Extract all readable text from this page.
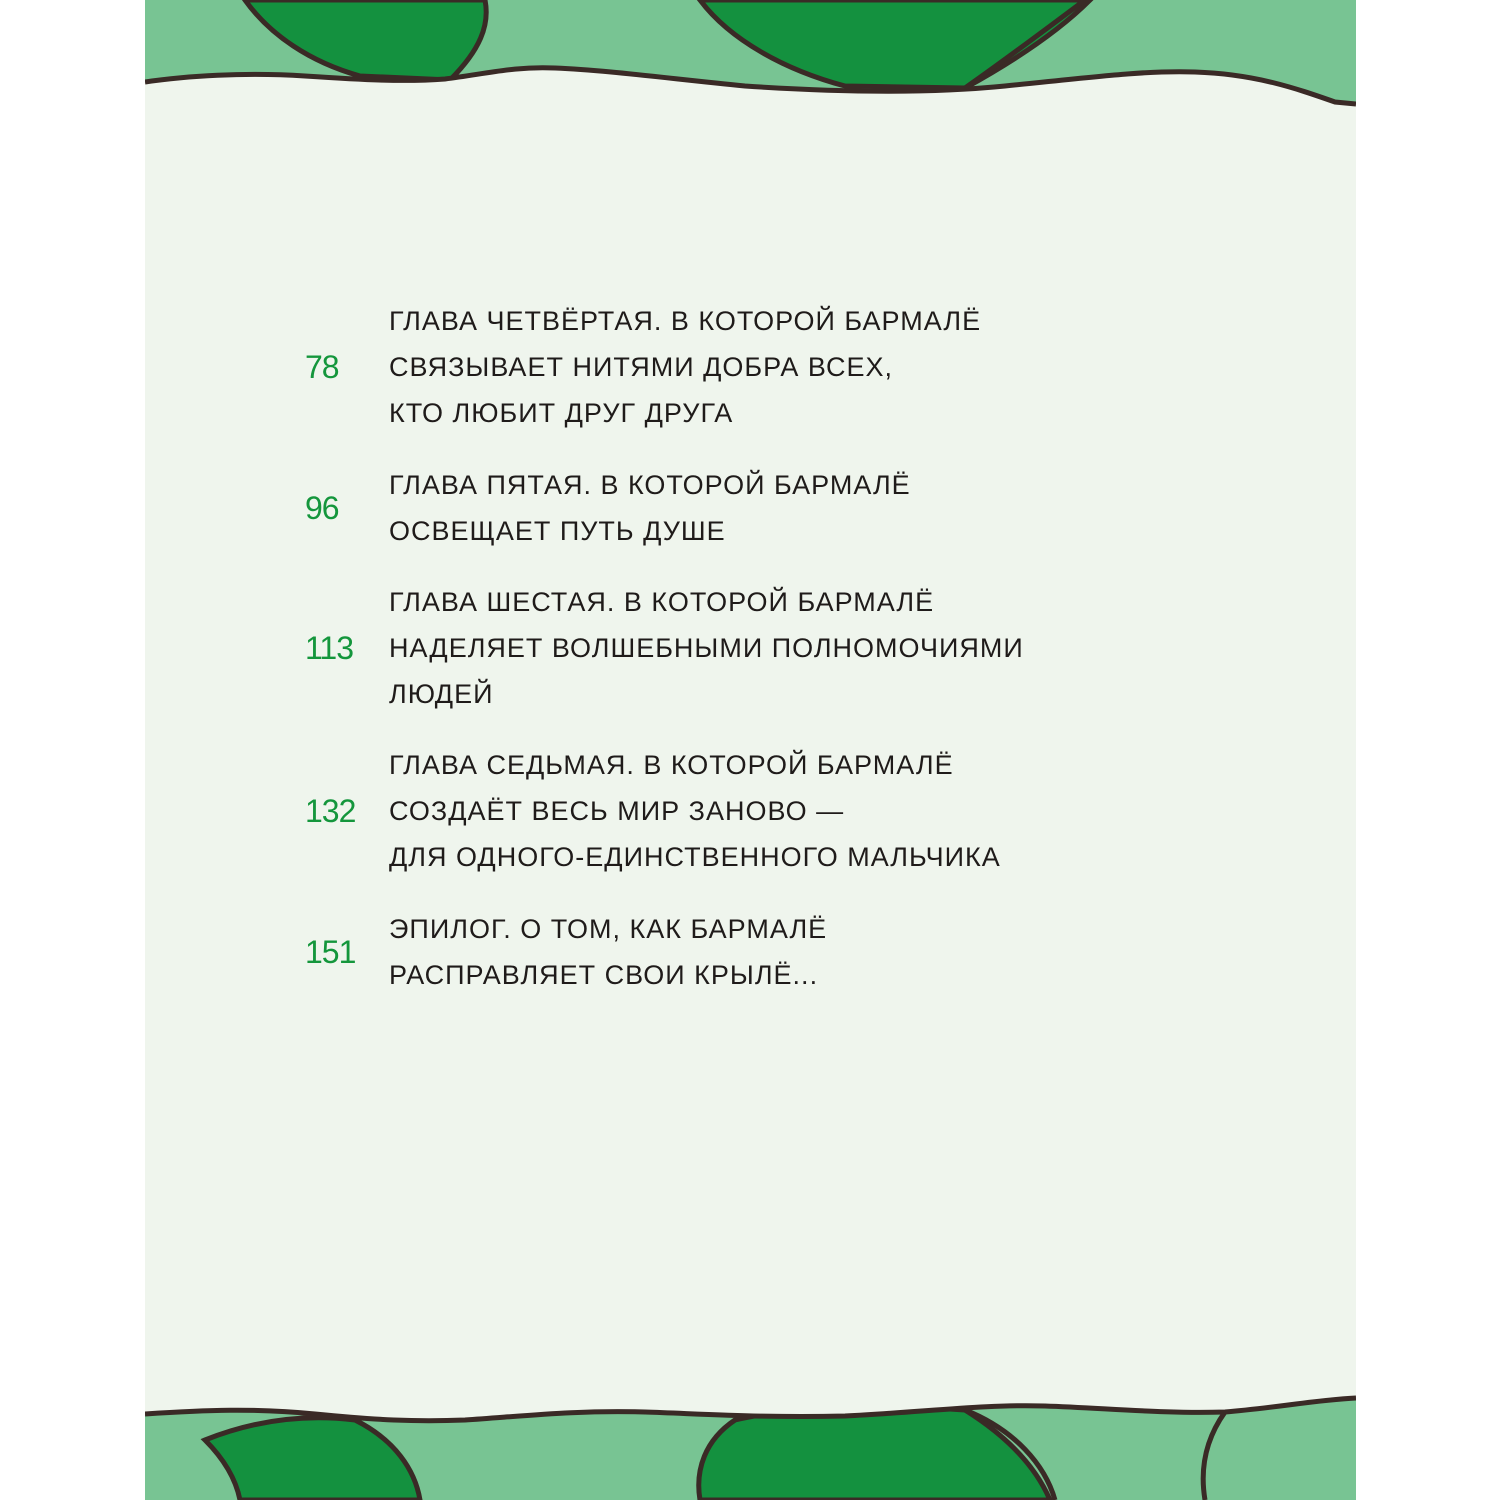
78
ГЛАВА ЧЕТВЁРТАЯ. В КОТОРОЙ БАРМАЛЁ
СВЯЗЫВАЕТ НИТЯМИ ДОБРА ВСЕХ,
КТО ЛЮБИТ ДРУГ ДРУГА
96
ГЛАВА ПЯТАЯ. В КОТОРОЙ БАРМАЛЁ
ОСВЕЩАЕТ ПУТЬ ДУШЕ
113
ГЛАВА ШЕСТАЯ. В КОТОРОЙ БАРМАЛЁ
НАДЕЛЯЕТ ВОЛШЕБНЫМИ ПОЛНОМОЧИЯМИ
ЛЮДЕЙ
132
ГЛАВА СЕДЬМАЯ. В КОТОРОЙ БАРМАЛЁ
СОЗДАЁТ ВЕСЬ МИР ЗАНОВО —
ДЛЯ ОДНОГО-ЕДИНСТВЕННОГО МАЛЬЧИКА
151
ЭПИЛОГ. О ТОМ, КАК БАРМАЛЁ
РАСПРАВЛЯЕТ СВОИ КРЫЛЁ...
